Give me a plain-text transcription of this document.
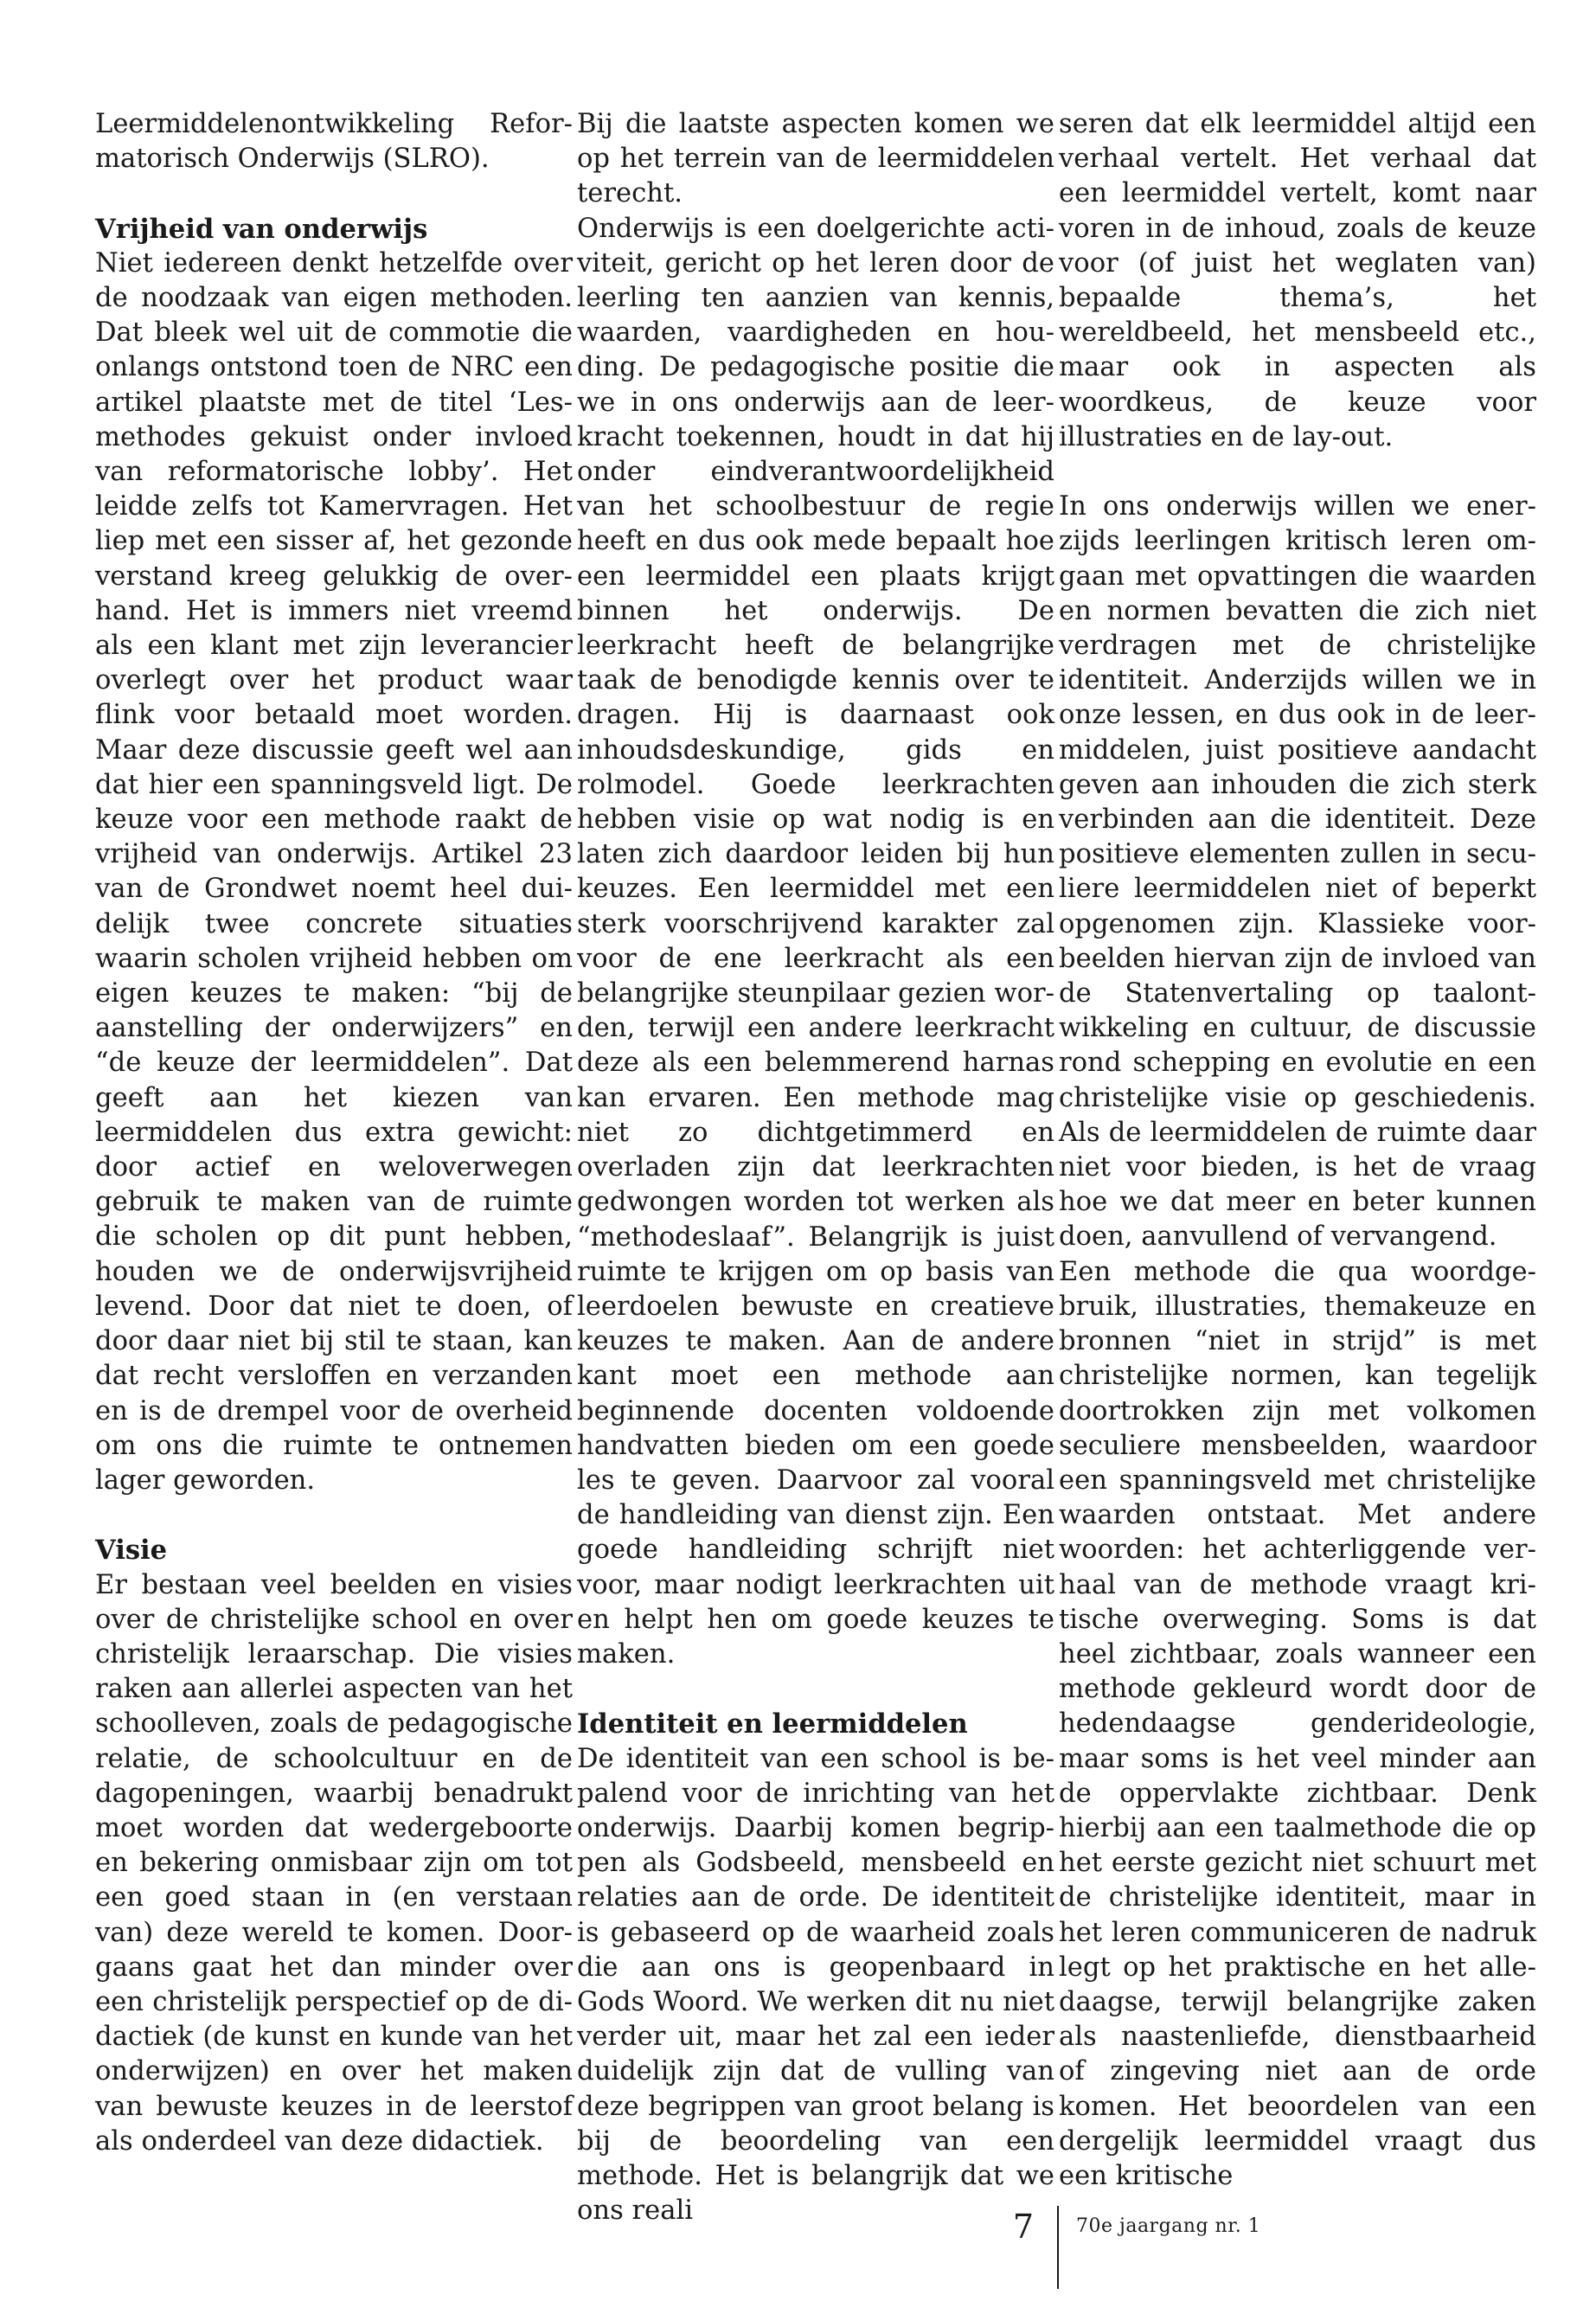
Leermiddelenontwikkeling Reformatorisch Onderwijs (SLRO).

Vrijheid van onderwijs

Niet iedereen denkt hetzelfde over de noodzaak van eigen methoden. Dat bleek wel uit de commotie die onlangs ontstond toen de NRC een artikel plaatste met de titel ‘Lesmethodes gekuist onder invloed van reformatorische lobby’. Het leidde zelfs tot Kamervragen. Het liep met een sisser af, het gezonde verstand kreeg gelukkig de overhand. Het is immers niet vreemd als een klant met zijn leverancier overlegt over het product waar flink voor betaald moet worden. Maar deze discussie geeft wel aan dat hier een spanningsveld ligt. De keuze voor een methode raakt de vrijheid van onderwijs. Artikel 23 van de Grondwet noemt heel duidelijk twee concrete situaties waarin scholen vrijheid hebben om eigen keuzes te maken: “bij de aanstelling der onderwijzers” en “de keuze der leermiddelen”. Dat geeft aan het kiezen van leermiddelen dus extra gewicht: door actief en weloverwegen gebruik te maken van de ruimte die scholen op dit punt hebben, houden we de onderwijsvrijheid levend. Door dat niet te doen, of door daar niet bij stil te staan, kan dat recht versloffen en verzanden en is de drempel voor de overheid om ons die ruimte te ontnemen lager geworden.

Visie

Er bestaan veel beelden en visies over de christelijke school en over christelijk leraarschap. Die visies raken aan allerlei aspecten van het schoolleven, zoals de pedagogische relatie, de schoolcultuur en de dagopeningen, waarbij benadrukt moet worden dat wedergeboorte en bekering onmisbaar zijn om tot een goed staan in (en verstaan van) deze wereld te komen. Doorgaans gaat het dan minder over een christelijk perspectief op de didactiek (de kunst en kunde van het onderwijzen) en over het maken van bewuste keuzes in de leerstof als onderdeel van deze didactiek.

Bij die laatste aspecten komen we op het terrein van de leermiddelen terecht.

Onderwijs is een doelgerichte activiteit, gericht op het leren door de leerling ten aanzien van kennis, waarden, vaardigheden en houding. De pedagogische positie die we in ons onderwijs aan de leerkracht toekennen, houdt in dat hij onder eindverantwoordelijkheid van het schoolbestuur de regie heeft en dus ook mede bepaalt hoe een leermiddel een plaats krijgt binnen het onderwijs. De leerkracht heeft de belangrijke taak de benodigde kennis over te dragen. Hij is daarnaast ook inhoudsdeskundige, gids en rolmodel. Goede leerkrachten hebben visie op wat nodig is en laten zich daardoor leiden bij hun keuzes. Een leermiddel met een sterk voorschrijvend karakter zal voor de ene leerkracht als een belangrijke steunpilaar gezien worden, terwijl een andere leerkracht deze als een belemmerend harnas kan ervaren. Een methode mag niet zo dichtgetimmerd en overladen zijn dat leerkrachten gedwongen worden tot werken als “methodeslaaf”. Belangrijk is juist ruimte te krijgen om op basis van leerdoelen bewuste en creatieve keuzes te maken. Aan de andere kant moet een methode aan beginnende docenten voldoende handvatten bieden om een goede les te geven. Daarvoor zal vooral de handleiding van dienst zijn. Een goede handleiding schrijft niet voor, maar nodigt leerkrachten uit en helpt hen om goede keuzes te maken.

Identiteit en leermiddelen

De identiteit van een school is bepalend voor de inrichting van het onderwijs. Daarbij komen begrippen als Godsbeeld, mensbeeld en relaties aan de orde. De identiteit is gebaseerd op de waarheid zoals die aan ons is geopenbaard in Gods Woord. We werken dit nu niet verder uit, maar het zal een ieder duidelijk zijn dat de vulling van deze begrippen van groot belang is bij de beoordeling van een methode. Het is belangrijk dat we ons reali

seren dat elk leermiddel altijd een verhaal vertelt. Het verhaal dat een leermiddel vertelt, komt naar voren in de inhoud, zoals de keuze voor (of juist het weglaten van) bepaalde thema’s, het wereldbeeld, het mensbeeld etc., maar ook in aspecten als woordkeus, de keuze voor illustraties en de lay-out.

In ons onderwijs willen we enerzijds leerlingen kritisch leren omgaan met opvattingen die waarden en normen bevatten die zich niet verdragen met de christelijke identiteit. Anderzijds willen we in onze lessen, en dus ook in de leermiddelen, juist positieve aandacht geven aan inhouden die zich sterk verbinden aan die identiteit. Deze positieve elementen zullen in seculiere leermiddelen niet of beperkt opgenomen zijn. Klassieke voorbeelden hiervan zijn de invloed van de Statenvertaling op taalontwikkeling en cultuur, de discussie rond schepping en evolutie en een christelijke visie op geschiedenis. Als de leermiddelen de ruimte daar niet voor bieden, is het de vraag hoe we dat meer en beter kunnen doen, aanvullend of vervangend.

Een methode die qua woordgebruik, illustraties, themakeuze en bronnen “niet in strijd” is met christelijke normen, kan tegelijk doortrokken zijn met volkomen seculiere mensbeelden, waardoor een spanningsveld met christelijke waarden ontstaat. Met andere woorden: het achterliggende verhaal van de methode vraagt kritische overweging. Soms is dat heel zichtbaar, zoals wanneer een methode gekleurd wordt door de hedendaagse genderideologie, maar soms is het veel minder aan de oppervlakte zichtbaar. Denk hierbij aan een taalmethode die op het eerste gezicht niet schuurt met de christelijke identiteit, maar in het leren communiceren de nadruk legt op het praktische en het alledaagse, terwijl belangrijke zaken als naastenliefde, dienstbaarheid of zingeving niet aan de orde komen. Het beoordelen van een dergelijk leermiddel vraagt dus een kritische

7 70e jaargang nr. 1
